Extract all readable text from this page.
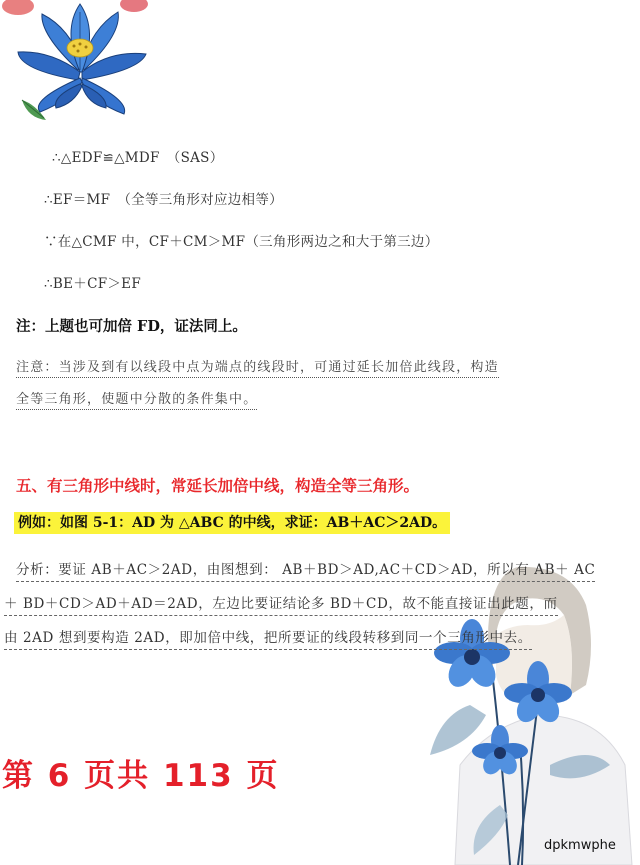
∴△EDF≌△MDF　（SAS）
∴EF＝MF　（全等三角形对应边相等）
∵在△CMF 中，CF＋CM＞MF（三角形两边之和大于第三边）
∴BE＋CF＞EF
注：上题也可加倍 FD，证法同上。
注意：当涉及到有以线段中点为端点的线段时，可通过延长加倍此线段，构造
全等三角形，使题中分散的条件集中。
五、有三角形中线时，常延长加倍中线，构造全等三角形。
例如：如图 5-1：AD 为 △ABC 的中线，求证：AB＋AC＞2AD。
分析：要证 AB＋AC＞2AD，由图想到： AB＋BD＞AD,AC＋CD＞AD，所以有 AB＋ AC
＋ BD＋CD＞AD＋AD＝2AD，左边比要证结论多 BD＋CD，故不能直接证出此题，而
由 2AD 想到要构造 2AD，即加倍中线，把所要证的线段转移到同一个三角形中去。
第 6 页共 113 页
dpkmwphe
